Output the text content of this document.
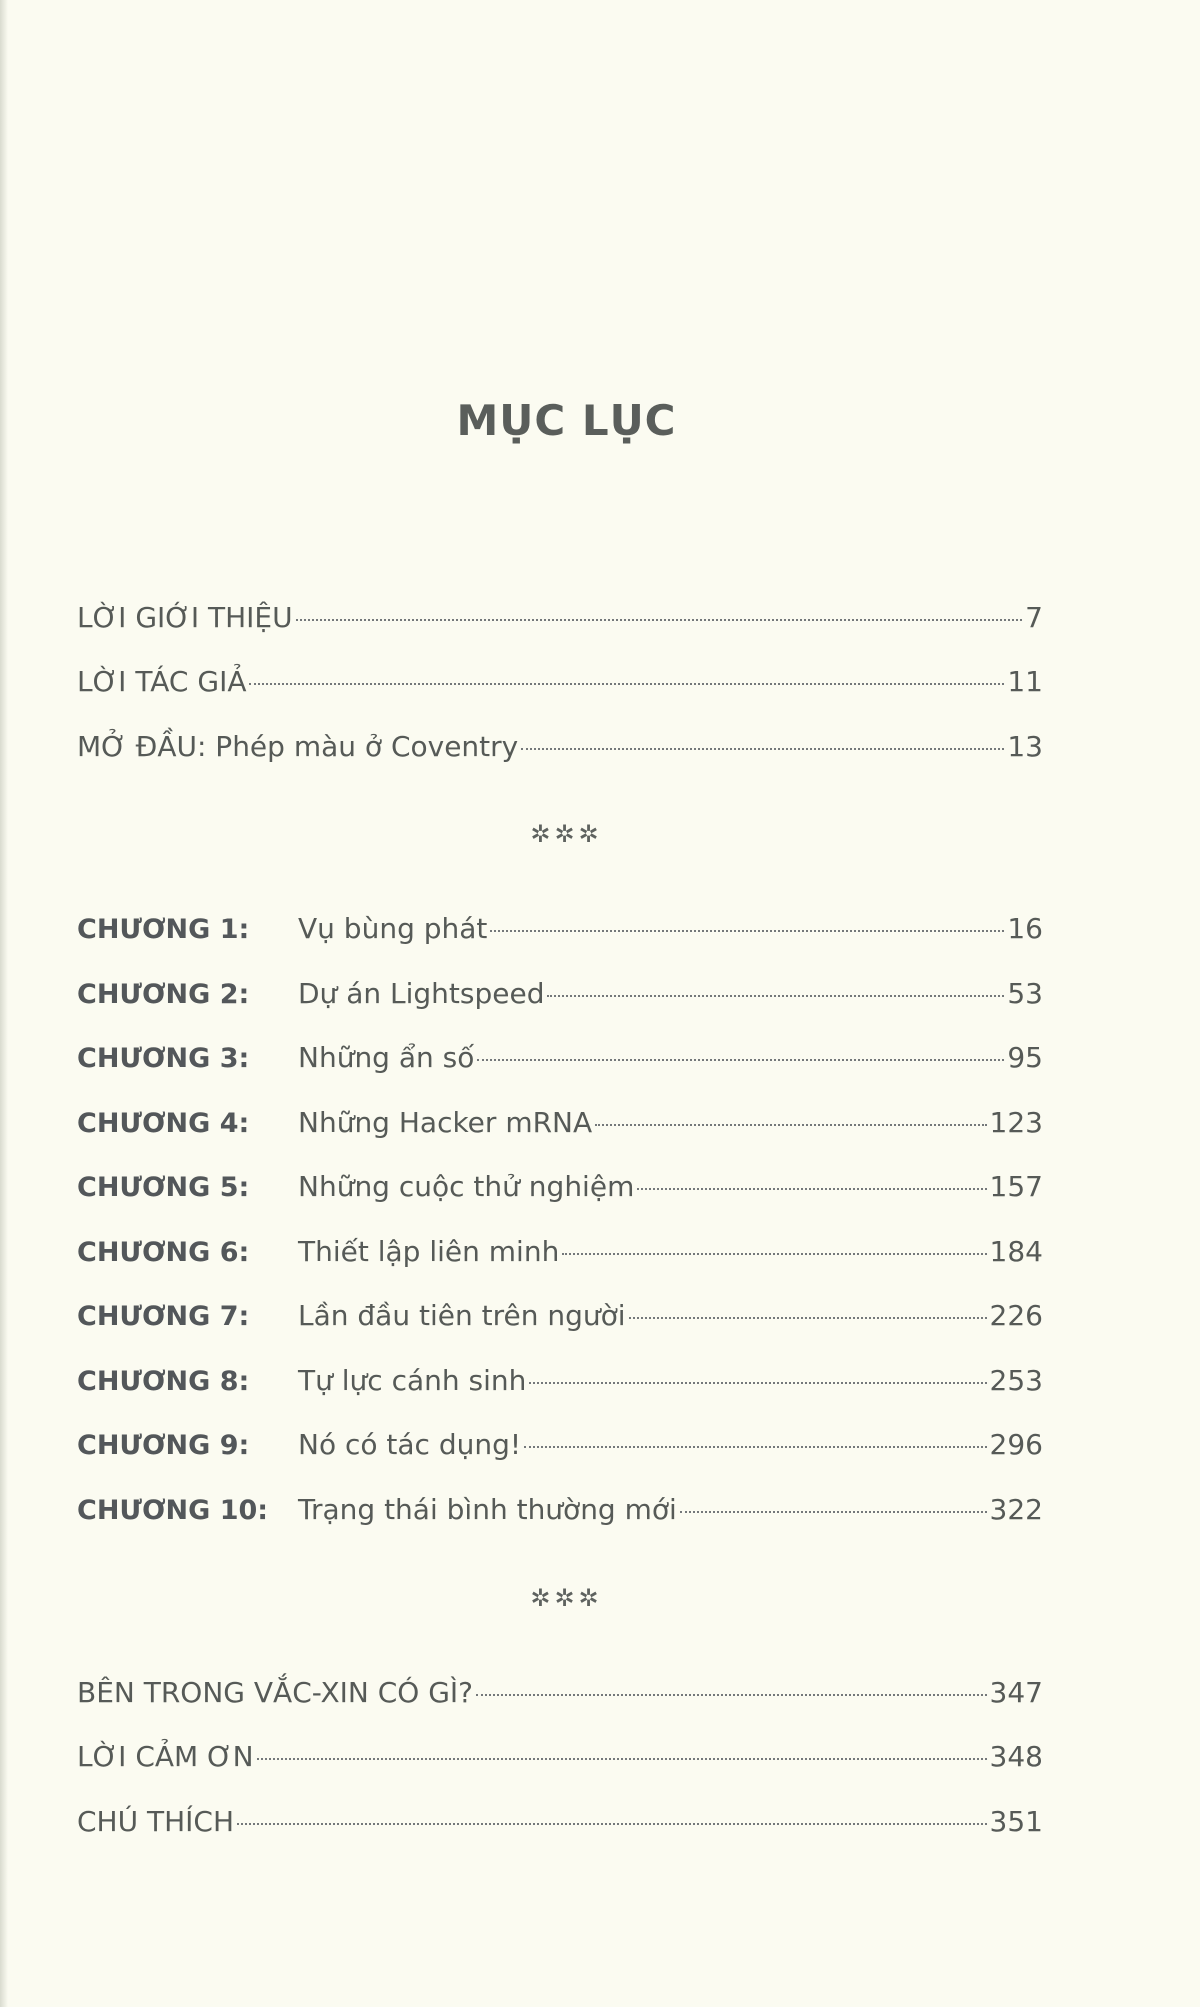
MỤC LỤC
LỜI GIỚI THIỆU	7
LỜI TÁC GIẢ	11
MỞ ĐẦU: Phép màu ở Coventry	13
✲✲✲
CHƯƠNG 1:	Vụ bùng phát	16
CHƯƠNG 2:	Dự án Lightspeed	53
CHƯƠNG 3:	Những ẩn số	95
CHƯƠNG 4:	Những Hacker mRNA	123
CHƯƠNG 5:	Những cuộc thử nghiệm	157
CHƯƠNG 6:	Thiết lập liên minh	184
CHƯƠNG 7:	Lần đầu tiên trên người	226
CHƯƠNG 8:	Tự lực cánh sinh	253
CHƯƠNG 9:	Nó có tác dụng!	296
CHƯƠNG 10:	Trạng thái bình thường mới	322
✲✲✲
BÊN TRONG VẮC-XIN CÓ GÌ?	347
LỜI CẢM ƠN	348
CHÚ THÍCH	351
